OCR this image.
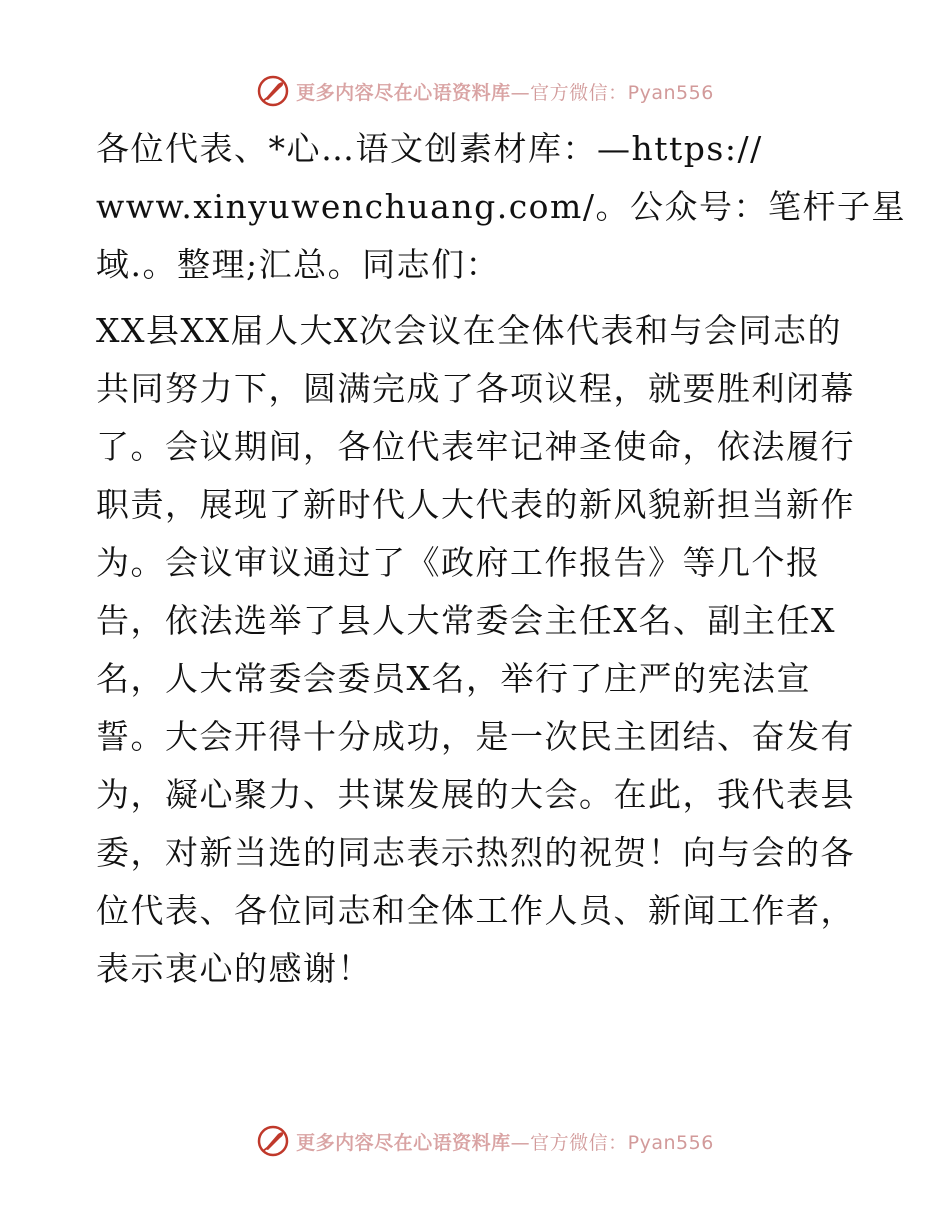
更多内容尽在心语资料库—官方微信：Pyan556
各位代表、*心…语文创素材库：—https://
www.xinyuwenchuang.com/。公众号：笔杆子星
域.。整理;汇总。同志们：
XX县XX届人大X次会议在全体代表和与会同志的
共同努力下，圆满完成了各项议程，就要胜利闭幕
了。会议期间，各位代表牢记神圣使命，依法履行
职责，展现了新时代人大代表的新风貌新担当新作
为。会议审议通过了《政府工作报告》等几个报
告，依法选举了县人大常委会主任X名、副主任X
名，人大常委会委员X名，举行了庄严的宪法宣
誓。大会开得十分成功，是一次民主团结、奋发有
为，凝心聚力、共谋发展的大会。在此，我代表县
委，对新当选的同志表示热烈的祝贺！向与会的各
位代表、各位同志和全体工作人员、新闻工作者，
表示衷心的感谢！
更多内容尽在心语资料库—官方微信：Pyan556
